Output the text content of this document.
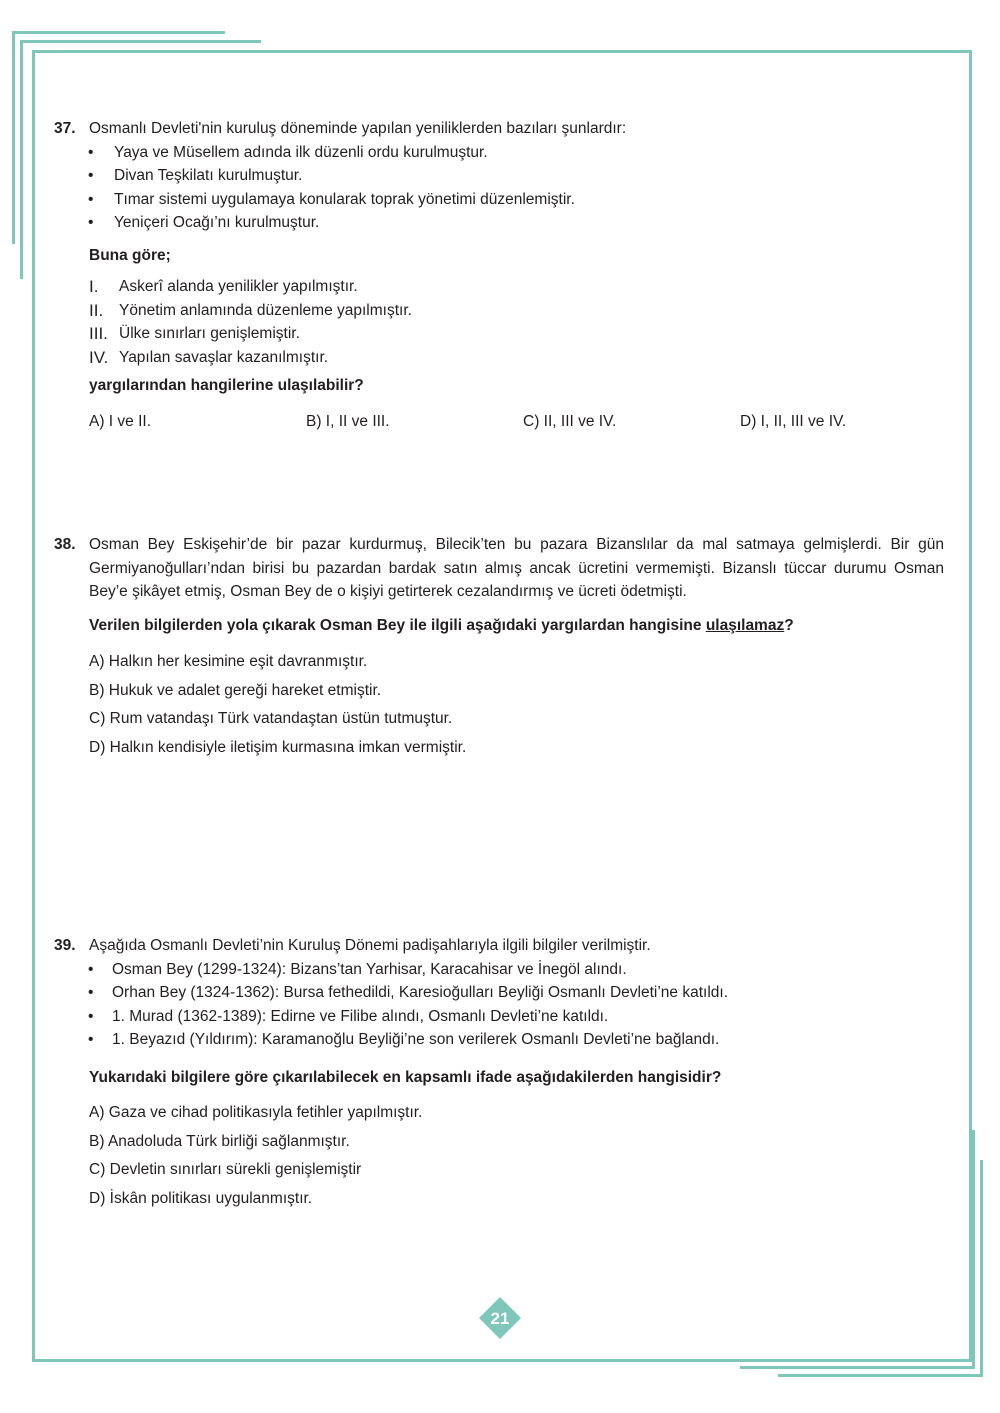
37. Osmanlı Devleti'nin kuruluş döneminde yapılan yeniliklerden bazıları şunlardır:
• Yaya ve Müsellem adında ilk düzenli ordu kurulmuştur.
• Divan Teşkilatı kurulmuştur.
• Tımar sistemi uygulamaya konularak toprak yönetimi düzenlemiştir.
• Yeniçeri Ocağı’nı kurulmuştur.
Buna göre;
I. Askerî alanda yenilikler yapılmıştır.
II. Yönetim anlamında düzenleme yapılmıştır.
III. Ülke sınırları genişlemiştir.
IV. Yapılan savaşlar kazanılmıştır.
yargılarından hangilerine ulaşılabilir?
A) I ve II.	B) I, II ve III.	C) II, III ve IV.	D) I, II, III ve IV.
38. Osman Bey Eskişehir’de bir pazar kurdurmuş, Bilecik’ten bu pazara Bizanslılar da mal satmaya gelmişlerdi. Bir gün Germiyanoğulları’ndan birisi bu pazardan bardak satın almış ancak ücretini vermemişti. Bizanslı tüccar durumu Osman Bey’e şikâyet etmiş, Osman Bey de o kişiyi getirterek cezalandırmış ve ücreti ödetmişti.
Verilen bilgilerden yola çıkarak Osman Bey ile ilgili aşağıdaki yargılardan hangisine ulaşılamaz?
A) Halkın her kesimine eşit davranmıştır.
B) Hukuk ve adalet gereği hareket etmiştir.
C) Rum vatandaşı Türk vatandaştan üstün tutmuştur.
D) Halkın kendisiyle iletişim kurmasına imkan vermiştir.
39. Aşağıda Osmanlı Devleti’nin Kuruluş Dönemi padişahlarıyla ilgili bilgiler verilmiştir.
• Osman Bey (1299-1324): Bizans’tan Yarhisar, Karacahisar ve İnegöl alındı.
• Orhan Bey (1324-1362): Bursa fethedildi, Karesioğulları Beyliği Osmanlı Devleti’ne katıldı.
• 1. Murad (1362-1389): Edirne ve Filibe alındı, Osmanlı Devleti’ne katıldı.
• 1. Beyazıd (Yıldırım): Karamanoğlu Beyliği’ne son verilerek Osmanlı Devleti’ne bağlandı.
Yukarıdaki bilgilere göre çıkarılabilecek en kapsamlı ifade aşağıdakilerden hangisidir?
A) Gaza ve cihad politikasıyla fetihler yapılmıştır.
B) Anadoluda Türk birliği sağlanmıştır.
C) Devletin sınırları sürekli genişlemiştir
D) İskân politikası uygulanmıştır.
21
